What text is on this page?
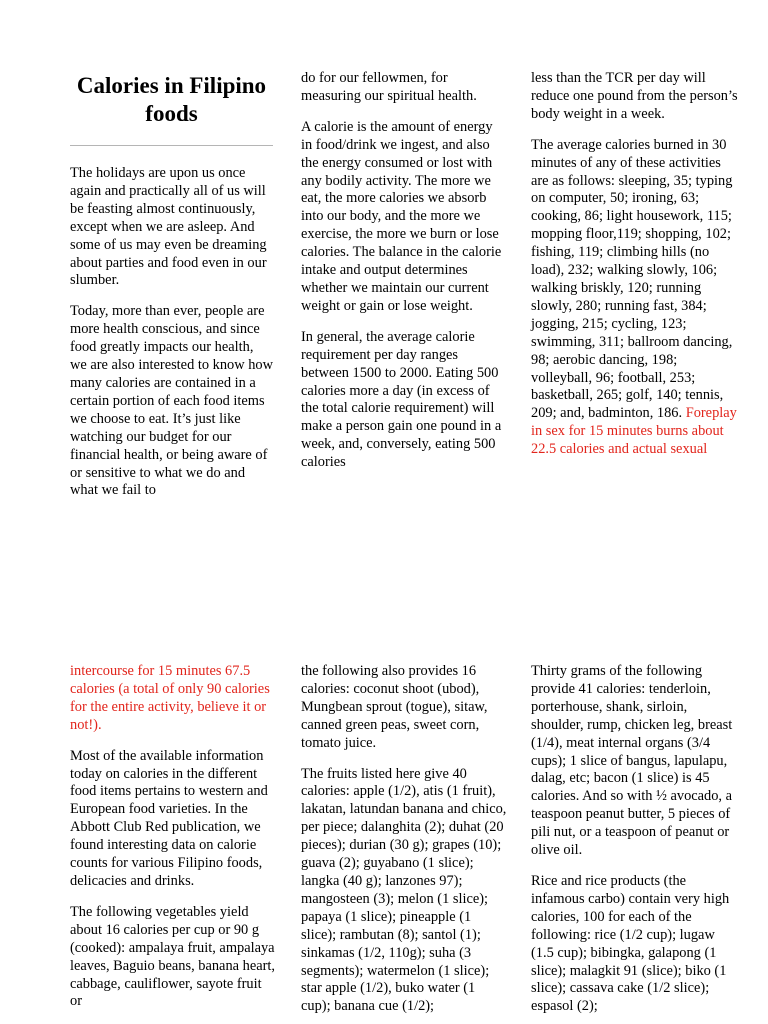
Calories in Filipino foods

The holidays are upon us once again and practically all of us will be feasting almost continuously, except when we are asleep. And some of us may even be dreaming about parties and food even in our slumber.

Today, more than ever, people are more health conscious, and since food greatly impacts our health, we are also interested to know how many calories are contained in a certain portion of each food items we choose to eat. It’s just like watching our budget for our financial health, or being aware of or sensitive to what we do and what we fail to

do for our fellowmen, for measuring our spiritual health.

A calorie is the amount of energy in food/drink we ingest, and also the energy consumed or lost with any bodily activity. The more we eat, the more calories we absorb into our body, and the more we exercise, the more we burn or lose calories. The balance in the calorie intake and output determines whether we maintain our current weight or gain or lose weight.

In general, the average calorie requirement per day ranges between 1500 to 2000. Eating 500 calories more a day (in excess of the total calorie requirement) will make a person gain one pound in a week, and, conversely, eating 500 calories

less than the TCR per day will reduce one pound from the person’s body weight in a week.

The average calories burned in 30 minutes of any of these activities are as follows: sleeping, 35; typing on computer, 50; ironing, 63; cooking, 86; light housework, 115; mopping floor,119; shopping, 102; fishing, 119; climbing hills (no load), 232; walking slowly, 106; walking briskly, 120; running slowly, 280; running fast, 384; jogging, 215; cycling, 123; swimming, 311; ballroom dancing, 98; aerobic dancing, 198; volleyball, 96; football, 253; basketball, 265; golf, 140; tennis, 209; and, badminton, 186. Foreplay in sex for 15 minutes burns about 22.5 calories and actual sexual

intercourse for 15 minutes 67.5 calories (a total of only 90 calories for the entire activity, believe it or not!).

Most of the available information today on calories in the different food items pertains to western and European food varieties. In the Abbott Club Red publication, we found interesting data on calorie counts for various Filipino foods, delicacies and drinks.

The following vegetables yield about 16 calories per cup or 90 g (cooked): ampalaya fruit, ampalaya leaves, Baguio beans, banana heart, cabbage, cauliflower, sayote fruit or

the following also provides 16 calories: coconut shoot (ubod), Mungbean sprout (togue), sitaw, canned green peas, sweet corn, tomato juice.

The fruits listed here give 40 calories: apple (1/2), atis (1 fruit), lakatan, latundan banana and chico, per piece; dalanghita (2); duhat (20 pieces); durian (30 g); grapes (10); guava (2); guyabano (1 slice); langka (40 g); lanzones 97); mangosteen (3); melon (1 slice); papaya (1 slice); pineapple (1 slice); rambutan (8); santol (1); sinkamas (1/2, 110g); suha (3 segments); watermelon (1 slice); star apple (1/2), buko water (1 cup); banana cue (1/2);

Thirty grams of the following provide 41 calories: tenderloin, porterhouse, shank, sirloin, shoulder, rump, chicken leg, breast (1/4), meat internal organs (3/4 cups); 1 slice of bangus, lapulapu, dalag, etc; bacon (1 slice) is 45 calories. And so with ½ avocado, a teaspoon peanut butter, 5 pieces of pili nut, or a teaspoon of peanut or olive oil.

Rice and rice products (the infamous carbo) contain very high calories, 100 for each of the following: rice (1/2 cup); lugaw (1.5 cup); bibingka, galapong (1 slice); malagkit 91 (slice); biko (1 slice); cassava cake (1/2 slice); espasol (2);
